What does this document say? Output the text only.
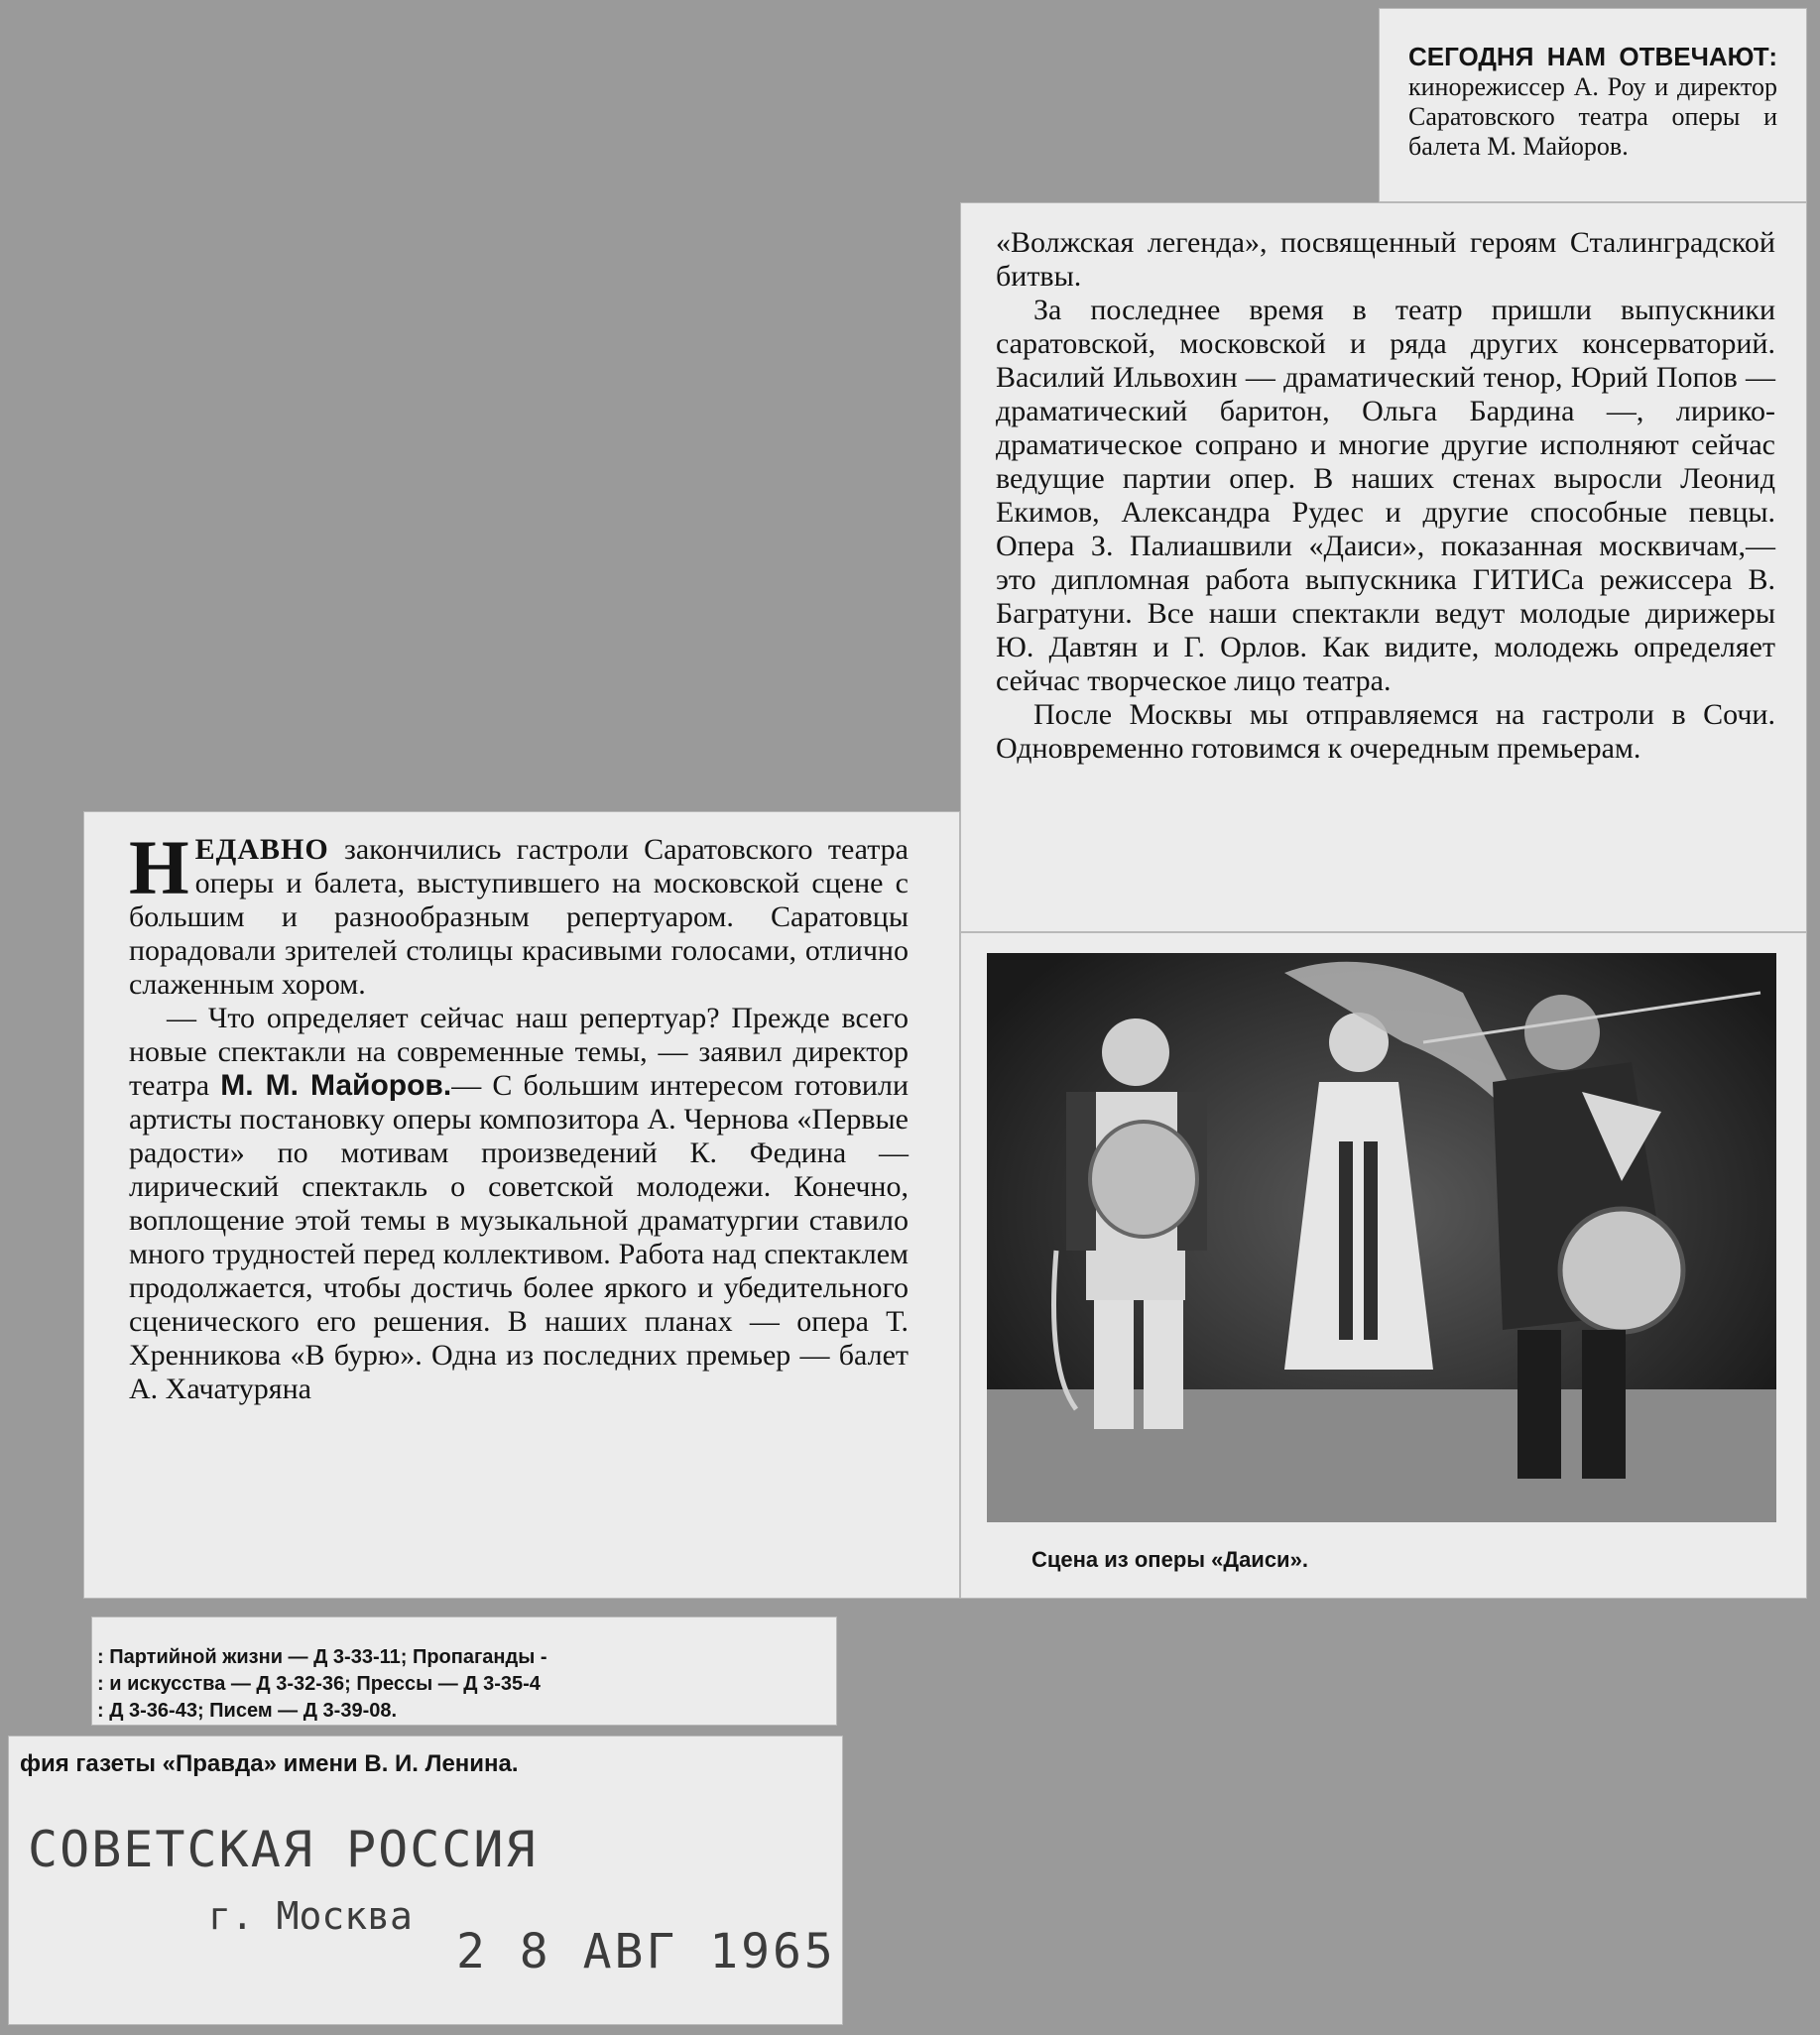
СЕГОДНЯ НАМ ОТВЕЧАЮТ: кинорежиссер А. Роу и директор Саратовского театра оперы и балета М. Майоров.

«Волжская легенда», посвященный героям Сталинградской битвы.

За последнее время в театр пришли выпускники саратовской, московской и ряда других консерваторий. Василий Ильвохин — драматический тенор, Юрий Попов — драматический баритон, Ольга Бардина —, лирико-драматическое сопрано и многие другие исполняют сейчас ведущие партии опер. В наших стенах выросли Леонид Екимов, Александра Рудес и другие способные певцы. Опера З. Палиашвили «Даиси», показанная москвичам,— это дипломная работа выпускника ГИТИСа режиссера В. Багратуни. Все наши спектакли ведут молодые дирижеры Ю. Давтян и Г. Орлов. Как видите, молодежь определяет сейчас творческое лицо театра.

После Москвы мы отправляемся на гастроли в Сочи. Одновременно готовимся к очередным премьерам.

Сцена из оперы «Даиси».

НЕДАВНО закончились гастроли Саратовского театра оперы и балета, выступившего на московской сцене с большим и разнообразным репертуаром. Саратовцы порадовали зрителей столицы красивыми голосами, отлично слаженным хором.

— Что определяет сейчас наш репертуар? Прежде всего новые спектакли на современные темы, — заявил директор театра М. М. Майоров.— С большим интересом готовили артисты постановку оперы композитора А. Чернова «Первые радости» по мотивам произведений К. Федина — лирический спектакль о советской молодежи. Конечно, воплощение этой темы в музыкальной драматургии ставило много трудностей перед коллективом. Работа над спектаклем продолжается, чтобы достичь более яркого и убедительного сценического его решения. В наших планах — опера Т. Хренникова «В бурю». Одна из последних премьер — балет А. Хачатуряна

: Партийной жизни — Д 3-33-11; Пропаганды -
: и искусства — Д 3-32-36; Прессы — Д 3-35-4
: Д 3-36-43; Писем — Д 3-39-08.
фия газеты «Правда» имени В. И. Ленина.
СОВЕТСКАЯ РОССИЯ
г. Москва
2 8 АВГ 1965
